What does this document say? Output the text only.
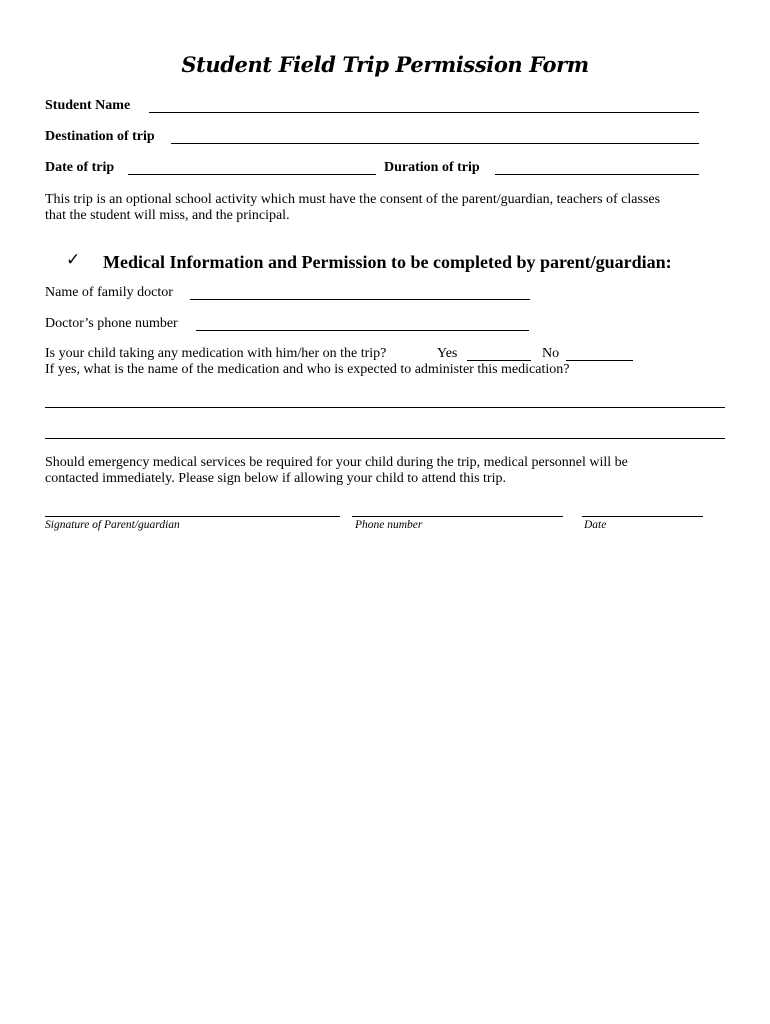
Student Field Trip Permission Form
Student Name
Destination of trip
Date of trip	Duration of trip
This trip is an optional school activity which must have the consent of the parent/guardian, teachers of classes
that the student will miss, and the principal.
✓ Medical Information and Permission to be completed by parent/guardian:
Name of family doctor
Doctor’s phone number
Is your child taking any medication with him/her on the trip?	Yes	No
If yes, what is the name of the medication and who is expected to administer this medication?
Should emergency medical services be required for your child during the trip, medical personnel will be
contacted immediately. Please sign below if allowing your child to attend this trip.
Signature of Parent/guardian	Phone number	Date
